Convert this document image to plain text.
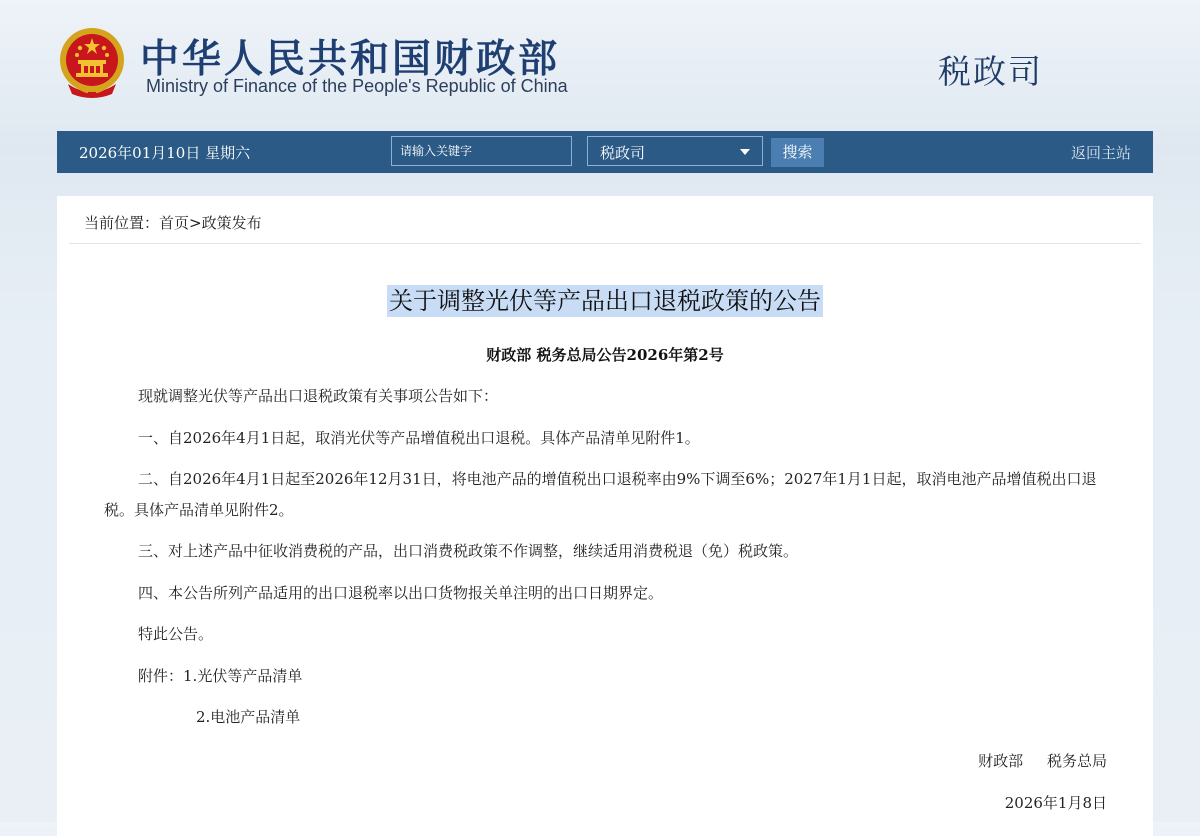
中华人民共和国财政部
Ministry of Finance of the People's Republic of China	税政司
2026年01月10日 星期六
请输入关键字	税政司	搜索	返回主站
当前位置：首页>政策发布
关于调整光伏等产品出口退税政策的公告
财政部 税务总局公告2026年第2号
现就调整光伏等产品出口退税政策有关事项公告如下：
一、自2026年4月1日起，取消光伏等产品增值税出口退税。具体产品清单见附件1。
二、自2026年4月1日起至2026年12月31日，将电池产品的增值税出口退税率由9%下调至6%；2027年1月1日起，取消电池产品增值税出口退税。具体产品清单见附件2。
三、对上述产品中征收消费税的产品，出口消费税政策不作调整，继续适用消费税退（免）税政策。
四、本公告所列产品适用的出口退税率以出口货物报关单注明的出口日期界定。
特此公告。
附件：1.光伏等产品清单
2.电池产品清单
财政部     税务总局
2026年1月8日
